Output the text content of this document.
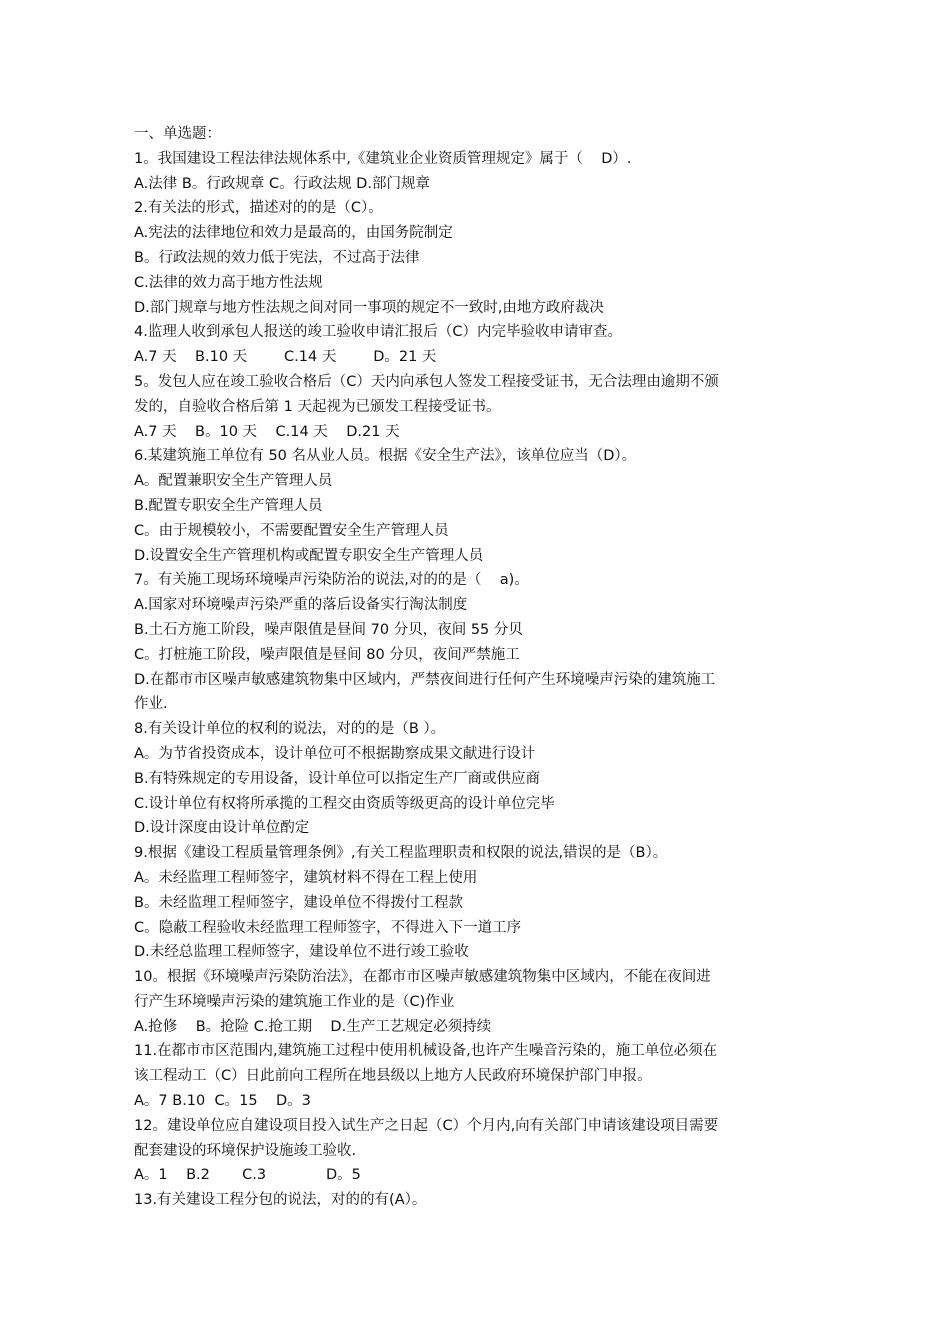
一、单选题：
1。我国建设工程法律法规体系中,《建筑业企业资质管理规定》属于（    D）.
A.法律 B。行政规章 C。行政法规 D.部门规章
2.有关法的形式，描述对的的是（C）。
A.宪法的法律地位和效力是最高的，由国务院制定
B。行政法规的效力低于宪法，不过高于法律
C.法律的效力高于地方性法规
D.部门规章与地方性法规之间对同一事项的规定不一致时,由地方政府裁决
4.监理人收到承包人报送的竣工验收申请汇报后（C）内完毕验收申请审查。
A.7 天    B.10 天        C.14 天        D。21 天
5。发包人应在竣工验收合格后（C）天内向承包人签发工程接受证书，无合法理由逾期不颁
发的，自验收合格后第 1 天起视为已颁发工程接受证书。
A.7 天    B。10 天    C.14 天    D.21 天
6.某建筑施工单位有 50 名从业人员。根据《安全生产法》，该单位应当（D）。
A。配置兼职安全生产管理人员
B.配置专职安全生产管理人员
C。由于规模较小，不需要配置安全生产管理人员
D.设置安全生产管理机构或配置专职安全生产管理人员
7。有关施工现场环境噪声污染防治的说法,对的的是（    a)。
A.国家对环境噪声污染严重的落后设备实行淘汰制度
B.土石方施工阶段，噪声限值是昼间 70 分贝，夜间 55 分贝
C。打桩施工阶段，噪声限值是昼间 80 分贝，夜间严禁施工
D.在都市市区噪声敏感建筑物集中区域内，严禁夜间进行任何产生环境噪声污染的建筑施工
作业.
8.有关设计单位的权利的说法，对的的是（B ）。
A。为节省投资成本，设计单位可不根据勘察成果文献进行设计
B.有特殊规定的专用设备，设计单位可以指定生产厂商或供应商
C.设计单位有权将所承揽的工程交由资质等级更高的设计单位完毕
D.设计深度由设计单位酌定
9.根据《建设工程质量管理条例》,有关工程监理职责和权限的说法,错误的是（B）。
A。未经监理工程师签字，建筑材料不得在工程上使用
B。未经监理工程师签字，建设单位不得拨付工程款
C。隐蔽工程验收未经监理工程师签字，不得进入下一道工序
D.未经总监理工程师签字，建设单位不进行竣工验收
10。根据《环境噪声污染防治法》，在都市市区噪声敏感建筑物集中区域内，不能在夜间进
行产生环境噪声污染的建筑施工作业的是（C)作业
A.抢修    B。抢险 C.抢工期    D.生产工艺规定必须持续
11.在都市市区范围内,建筑施工过程中使用机械设备,也许产生噪音污染的，施工单位必须在
该工程动工（C）日此前向工程所在地县级以上地方人民政府环境保护部门申报。
A。7 B.10  C。15    D。3
12。建设单位应自建设项目投入试生产之日起（C）个月内,向有关部门申请该建设项目需要
配套建设的环境保护设施竣工验收.
A。1    B.2       C.3             D。5
13.有关建设工程分包的说法，对的的有(A）。
